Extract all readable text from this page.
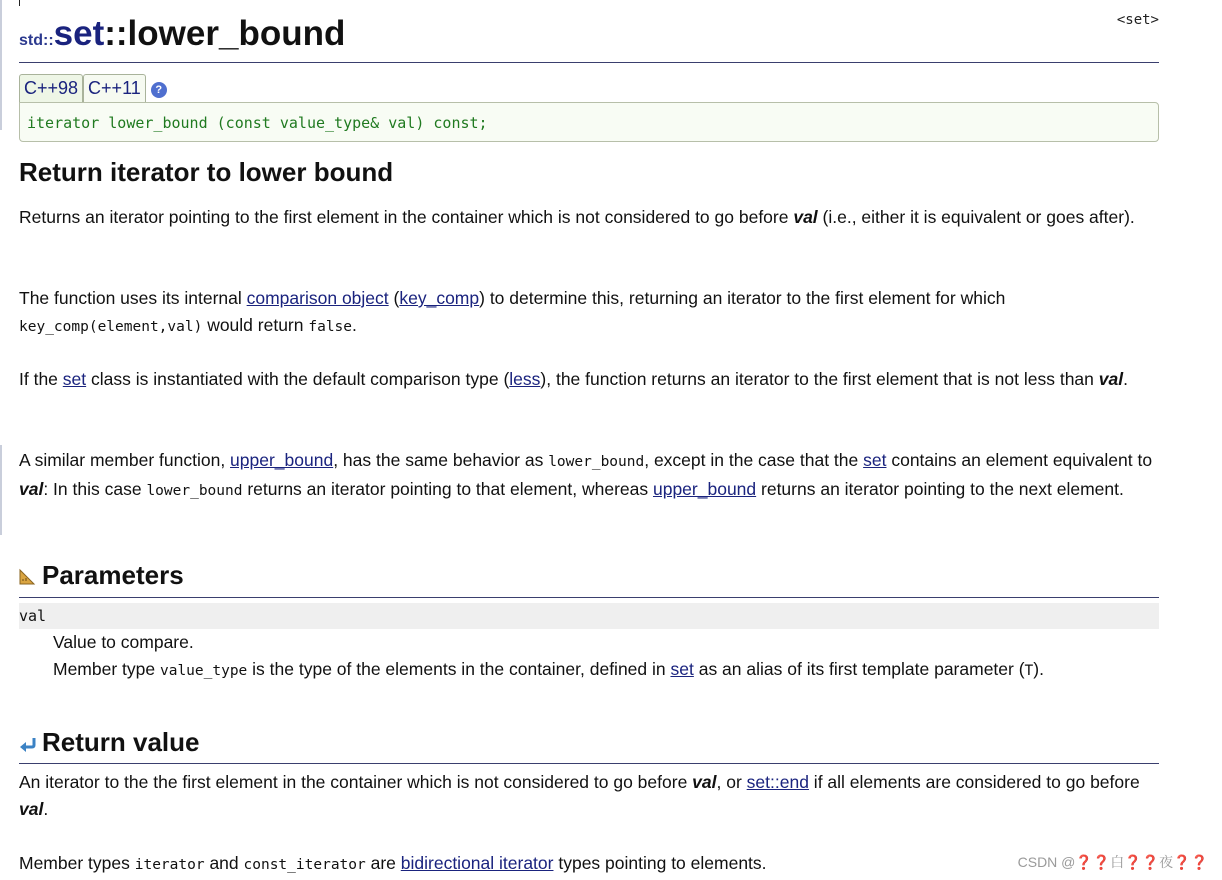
std::set::lower_bound	<set>
C++98 C++11 ?
iterator lower_bound (const value_type& val) const;
Return iterator to lower bound
Returns an iterator pointing to the first element in the container which is not considered to go before val (i.e., either it is equivalent or goes after).
The function uses its internal comparison object (key_comp) to determine this, returning an iterator to the first element for which key_comp(element,val) would return false.
If the set class is instantiated with the default comparison type (less), the function returns an iterator to the first element that is not less than val.
A similar member function, upper_bound, has the same behavior as lower_bound, except in the case that the set contains an element equivalent to val: In this case lower_bound returns an iterator pointing to that element, whereas upper_bound returns an iterator pointing to the next element.
Parameters
val
Value to compare.
Member type value_type is the type of the elements in the container, defined in set as an alias of its first template parameter (T).
Return value
An iterator to the the first element in the container which is not considered to go before val, or set::end if all elements are considered to go before val.
Member types iterator and const_iterator are bidirectional iterator types pointing to elements.	CSDN @❓❓白❓❓夜❓❓
